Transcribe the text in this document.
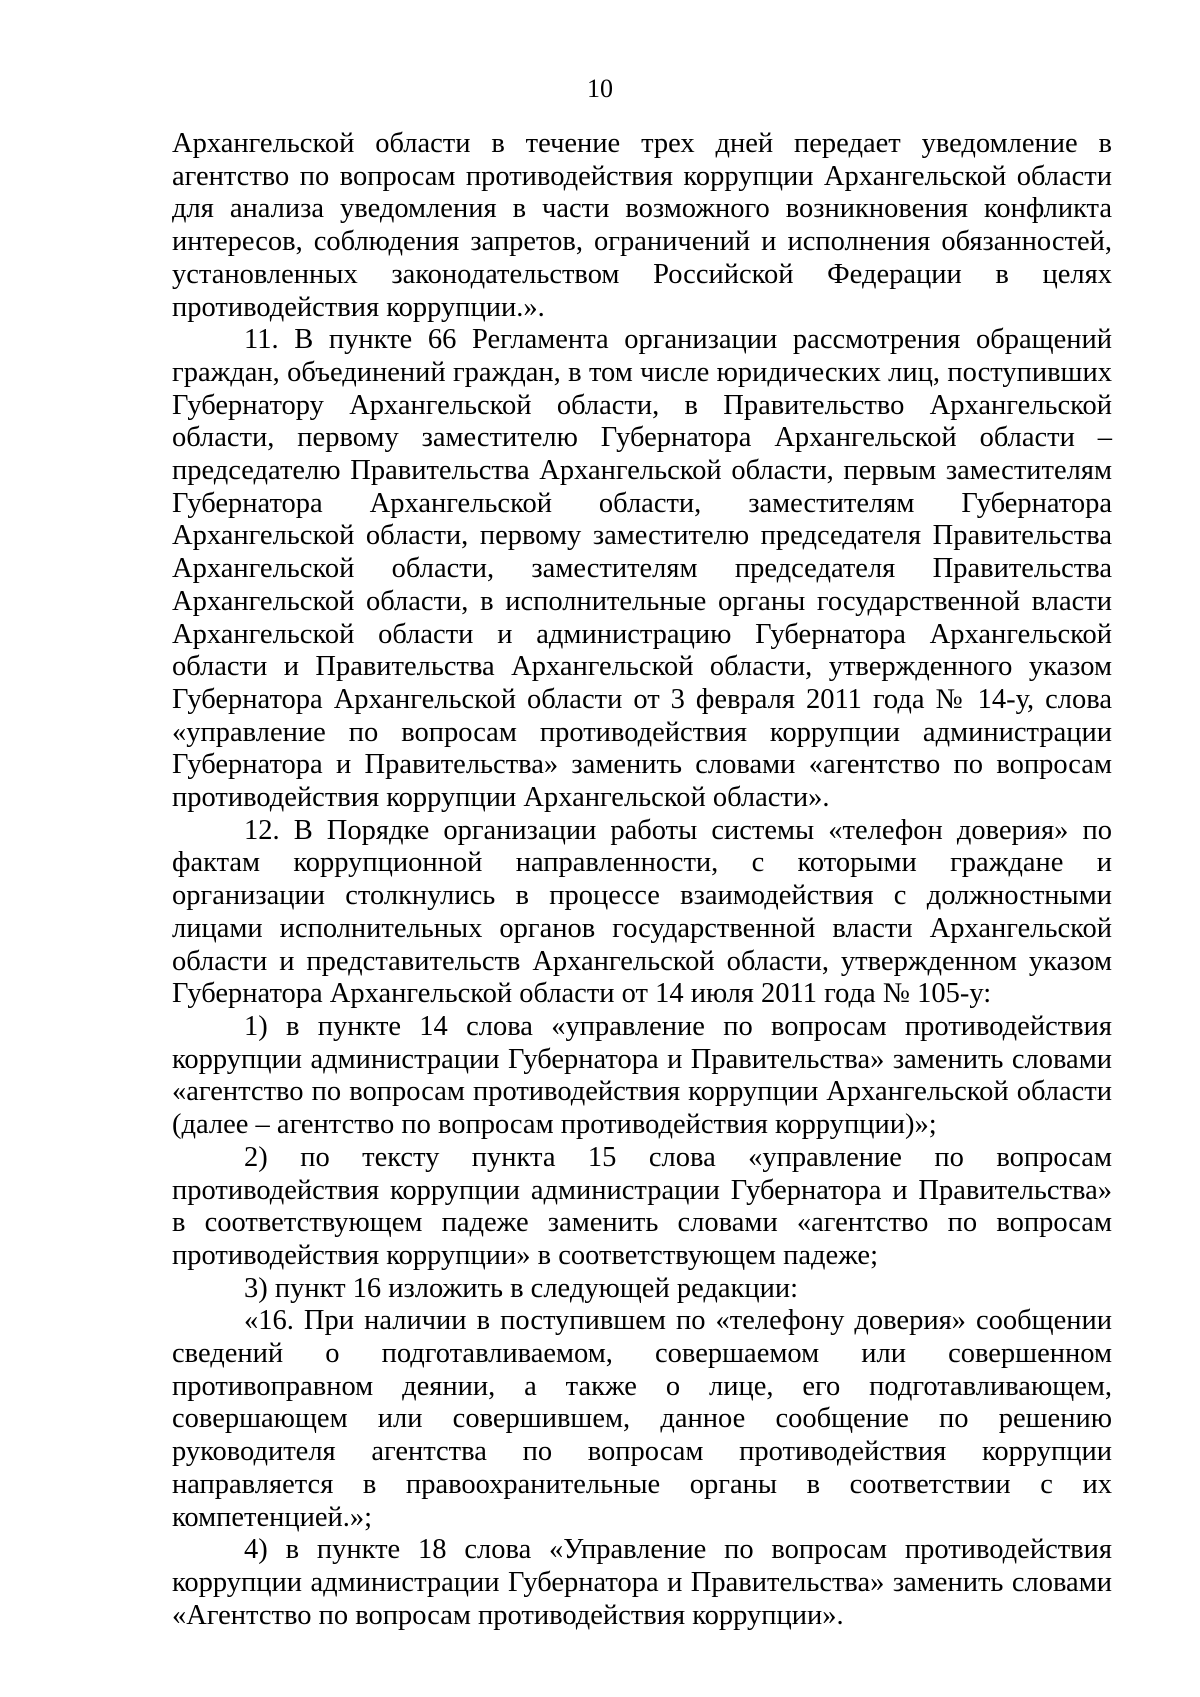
10

Архангельской области в течение трех дней передает уведомление в агентство по вопросам противодействия коррупции Архангельской области для анализа уведомления в части возможного возникновения конфликта интересов, соблюдения запретов, ограничений и исполнения обязанностей, установленных законодательством Российской Федерации в целях противодействия коррупции.».

11. В пункте 66 Регламента организации рассмотрения обращений граждан, объединений граждан, в том числе юридических лиц, поступивших Губернатору Архангельской области, в Правительство Архангельской области, первому заместителю Губернатора Архангельской области – председателю Правительства Архангельской области, первым заместителям Губернатора Архангельской области, заместителям Губернатора Архангельской области, первому заместителю председателя Правительства Архангельской области, заместителям председателя Правительства Архангельской области, в исполнительные органы государственной власти Архангельской области и администрацию Губернатора Архангельской области и Правительства Архангельской области, утвержденного указом Губернатора Архангельской области от 3 февраля 2011 года № 14-у, слова «управление по вопросам противодействия коррупции администрации Губернатора и Правительства» заменить словами «агентство по вопросам противодействия коррупции Архангельской области».

12. В Порядке организации работы системы «телефон доверия» по фактам коррупционной направленности, с которыми граждане и организации столкнулись в процессе взаимодействия с должностными лицами исполнительных органов государственной власти Архангельской области и представительств Архангельской области, утвержденном указом Губернатора Архангельской области от 14 июля 2011 года № 105-у:

1) в пункте 14 слова «управление по вопросам противодействия коррупции администрации Губернатора и Правительства» заменить словами «агентство по вопросам противодействия коррупции Архангельской области (далее – агентство по вопросам противодействия коррупции)»;

2) по тексту пункта 15 слова «управление по вопросам противодействия коррупции администрации Губернатора и Правительства» в соответствующем падеже заменить словами «агентство по вопросам противодействия коррупции» в соответствующем падеже;

3) пункт 16 изложить в следующей редакции:

«16. При наличии в поступившем по «телефону доверия» сообщении сведений о подготавливаемом, совершаемом или совершенном противоправном деянии, а также о лице, его подготавливающем, совершающем или совершившем, данное сообщение по решению руководителя агентства по вопросам противодействия коррупции направляется в правоохранительные органы в соответствии с их компетенцией.»;

4) в пункте 18 слова «Управление по вопросам противодействия коррупции администрации Губернатора и Правительства» заменить словами «Агентство по вопросам противодействия коррупции».
